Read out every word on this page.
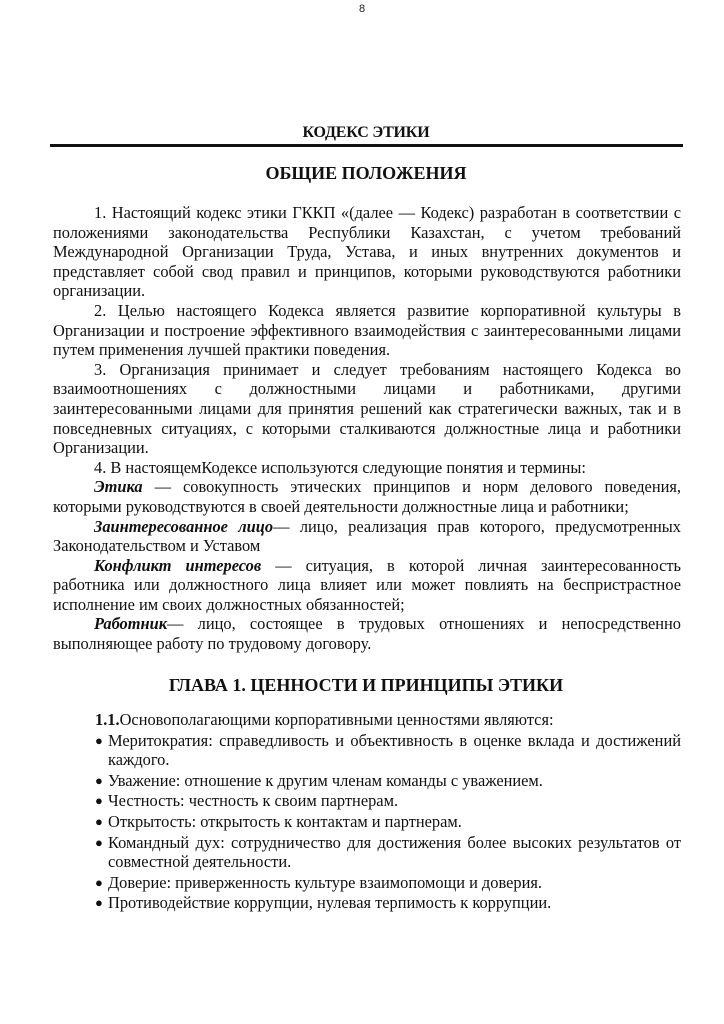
8
КОДЕКС ЭТИКИ
ОБЩИЕ ПОЛОЖЕНИЯ

1. Настоящий кодекс этики ГККП «(далее — Кодекс) разработан в соответствии с положениями законодательства Республики Казахстан, с учетом требований Международной Организации Труда, Устава, и иных внутренних документов и представляет собой свод правил и принципов, которыми руководствуются работники организации.

2. Целью настоящего Кодекса является развитие корпоративной культуры в Организации и построение эффективного взаимодействия с заинтересованными лицами путем применения лучшей практики поведения.

3. Организация принимает и следует требованиям настоящего Кодекса во взаимоотношениях с должностными лицами и работниками, другими заинтересованными лицами для принятия решений как стратегически важных, так и в повседневных ситуациях, с которыми сталкиваются должностные лица и работники Организации.

4. В настоящемКодексе используются следующие понятия и термины:

Этика — совокупность этических принципов и норм делового поведения, которыми руководствуются в своей деятельности должностные лица и работники;

Заинтересованное лицо— лицо, реализация прав которого, предусмотренных Законодательством и Уставом

Конфликт интересов — ситуация, в которой личная заинтересованность работника или должностного лица влияет или может повлиять на беспристрастное исполнение им своих должностных обязанностей;

Работник— лицо, состоящее в трудовых отношениях и непосредственно выполняющее работу по трудовому договору.

ГЛАВА 1. ЦЕННОСТИ И ПРИНЦИПЫ ЭТИКИ

1.1.Основополагающими корпоративными ценностями являются:

● Меритократия: справедливость и объективность в оценке вклада и достижений каждого.
● Уважение: отношение к другим членам команды с уважением.
● Честность: честность к своим партнерам.
● Открытость: открытость к контактам и партнерам.
● Командный дух: сотрудничество для достижения более высоких результатов от совместной деятельности.
● Доверие: приверженность культуре взаимопомощи и доверия.
● Противодействие коррупции, нулевая терпимость к коррупции.
